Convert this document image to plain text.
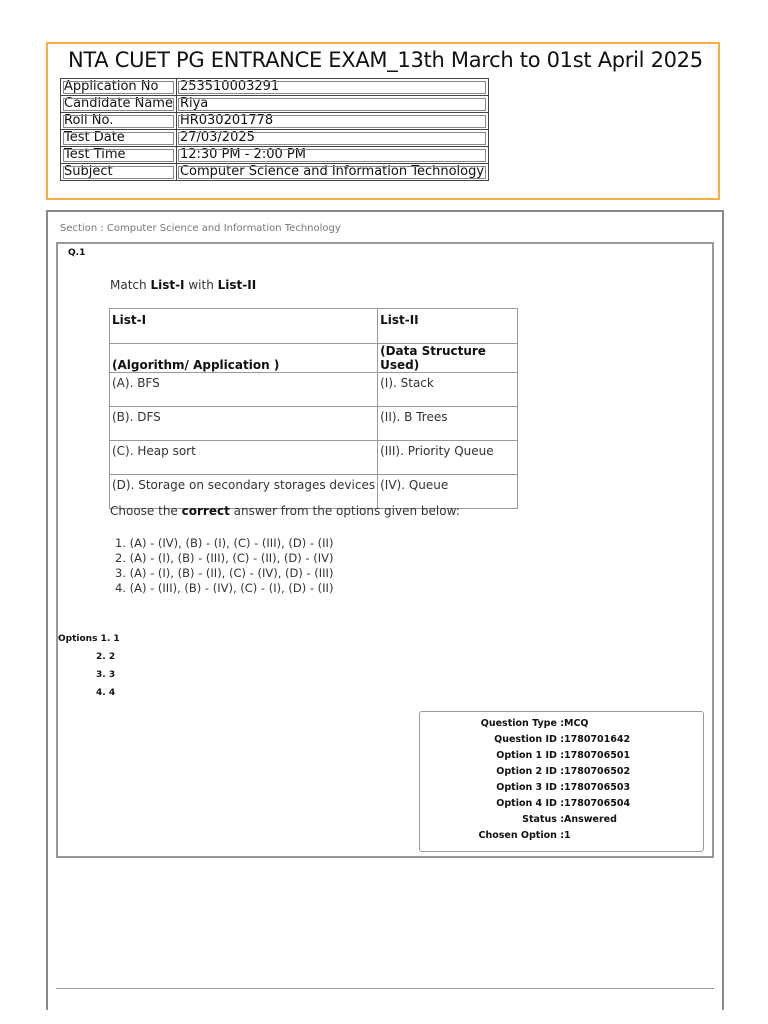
NTA CUET PG ENTRANCE EXAM_13th March to 01st April 2025
Application No	253510003291
Candidate Name	Riya
Roll No.	HR030201778
Test Date	27/03/2025
Test Time	12:30 PM - 2:00 PM
Subject	Computer Science and Information Technology
Section : Computer Science and Information Technology
Q.1
Match List-I with List-II
List-I	List-II
(Algorithm/ Application )	(Data Structure Used)
(A). BFS	(I). Stack
(B). DFS	(II). B Trees
(C). Heap sort	(III). Priority Queue
(D). Storage on secondary storages devices	(IV). Queue
Choose the correct answer from the options given below:
1. (A) - (IV), (B) - (I), (C) - (III), (D) - (II)
2. (A) - (I), (B) - (III), (C) - (II), (D) - (IV)
3. (A) - (I), (B) - (II), (C) - (IV), (D) - (III)
4. (A) - (III), (B) - (IV), (C) - (I), (D) - (II)
Options 1. 1
2. 2
3. 3
4. 4
Question Type : MCQ
Question ID : 1780701642
Option 1 ID : 1780706501
Option 2 ID : 1780706502
Option 3 ID : 1780706503
Option 4 ID : 1780706504
Status : Answered
Chosen Option : 1
